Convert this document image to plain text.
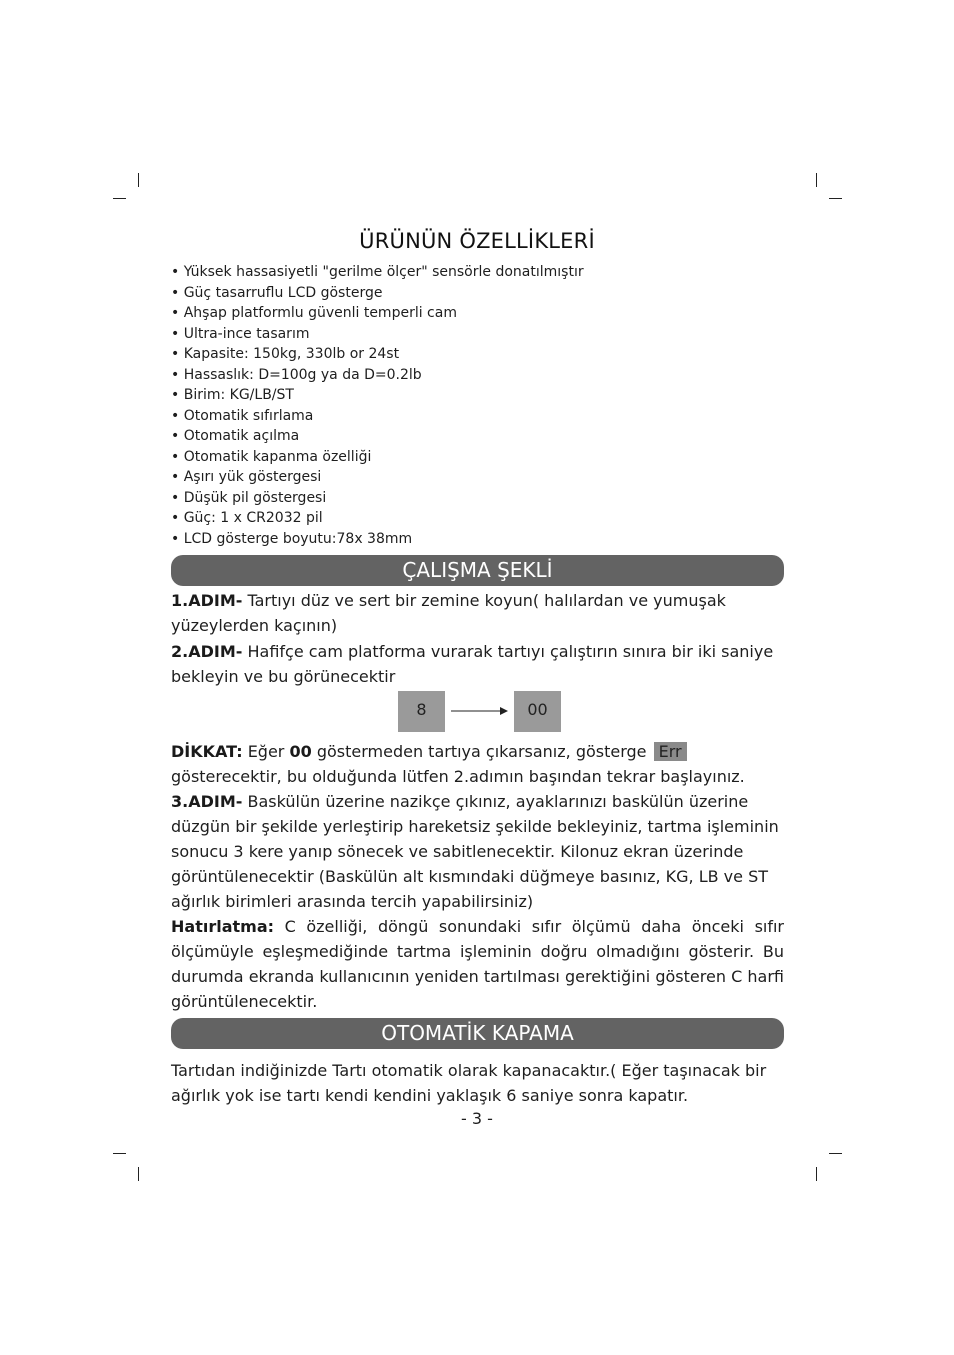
ÜRÜNÜN ÖZELLİKLERİ
• Yüksek hassasiyetli "gerilme ölçer" sensörle donatılmıştır
• Güç tasarruflu LCD gösterge
• Ahşap platformlu güvenli temperli cam
• Ultra-ince tasarım
• Kapasite: 150kg, 330lb or 24st
• Hassaslık: D=100g ya da D=0.2lb
• Birim: KG/LB/ST
• Otomatik sıfırlama
• Otomatik açılma
• Otomatik kapanma özelliği
• Aşırı yük göstergesi
• Düşük pil göstergesi
• Güç: 1 x CR2032 pil
• LCD gösterge boyutu:78x 38mm
ÇALIŞMA ŞEKLİ

1.ADIM- Tartıyı düz ve sert bir zemine koyun( halılardan ve yumuşak yüzeylerden kaçının)

2.ADIM- Hafifçe cam platforma vurarak tartıyı çalıştırın sınıra bir iki saniye bekleyin ve bu görünecektir

8	00

DİKKAT: Eğer 00 göstermeden tartıya çıkarsanız, gösterge Err gösterecektir, bu olduğunda lütfen 2.adımın başından tekrar başlayınız.

3.ADIM- Baskülün üzerine nazikçe çıkınız, ayaklarınızı baskülün üzerine düzgün bir şekilde yerleştirip hareketsiz şekilde bekleyiniz, tartma işleminin sonucu 3 kere yanıp sönecek ve sabitlenecektir. Kilonuz ekran üzerinde görüntülenecektir (Baskülün alt kısmındaki düğmeye basınız, KG, LB ve ST ağırlık birimleri arasında tercih yapabilirsiniz)

Hatırlatma: C özelliği, döngü sonundaki sıfır ölçümü daha önceki sıfır ölçümüyle eşleşmediğinde tartma işleminin doğru olmadığını gösterir. Bu durumda ekranda kullanıcının yeniden tartılması gerektiğini gösteren C harfi görüntülenecektir.

OTOMATİK KAPAMA

Tartıdan indiğinizde Tartı otomatik olarak kapanacaktır.( Eğer taşınacak bir ağırlık yok ise tartı kendi kendini yaklaşık 6 saniye sonra kapatır.

- 3 -
